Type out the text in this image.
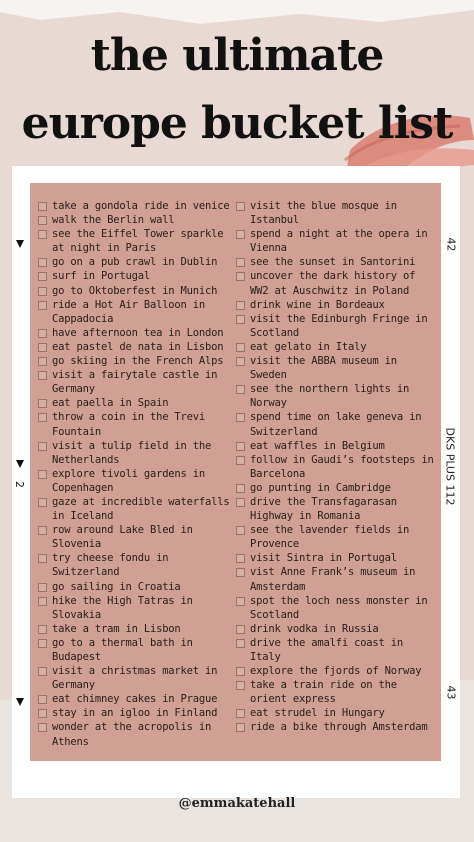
the ultimate
europe bucket list
42
2	DKS PLUS 112
43
take a gondola ride in venice
walk the Berlin wall
see the Eiffel Tower sparkle
at night in Paris
go on a pub crawl in Dublin
surf in Portugal
go to Oktoberfest in Munich
ride a Hot Air Balloon in
Cappadocia
have afternoon tea in London
eat pastel de nata in Lisbon
go skiing in the French Alps
visit a fairytale castle in
Germany
eat paella in Spain
throw a coin in the Trevi
Fountain
visit a tulip field in the
Netherlands
explore tivoli gardens in
Copenhagen
gaze at incredible waterfalls
in Iceland
row around Lake Bled in
Slovenia
try cheese fondu in
Switzerland
go sailing in Croatia
hike the High Tatras in
Slovakia
take a tram in Lisbon
go to a thermal bath in
Budapest
visit a christmas market in
Germany
eat chimney cakes in Prague
stay in an igloo in Finland
wonder at the acropolis in
Athens
visit the blue mosque in
Istanbul
spend a night at the opera in
Vienna
see the sunset in Santorini
uncover the dark history of
WW2 at Auschwitz in Poland
drink wine in Bordeaux
visit the Edinburgh Fringe in
Scotland
eat gelato in Italy
visit the ABBA museum in
Sweden
see the northern lights in
Norway
spend time on lake geneva in
Switzerland
eat waffles in Belgium
follow in Gaudi’s footsteps in
Barcelona
go punting in Cambridge
drive the Transfagarasan
Highway in Romania
see the lavender fields in
Provence
visit Sintra in Portugal
vist Anne Frank’s museum in
Amsterdam
spot the loch ness monster in
Scotland
drink vodka in Russia
drive the amalfi coast in
Italy
explore the fjords of Norway
take a train ride on the
orient express
eat strudel in Hungary
ride a bike through Amsterdam
@emmakatehall
